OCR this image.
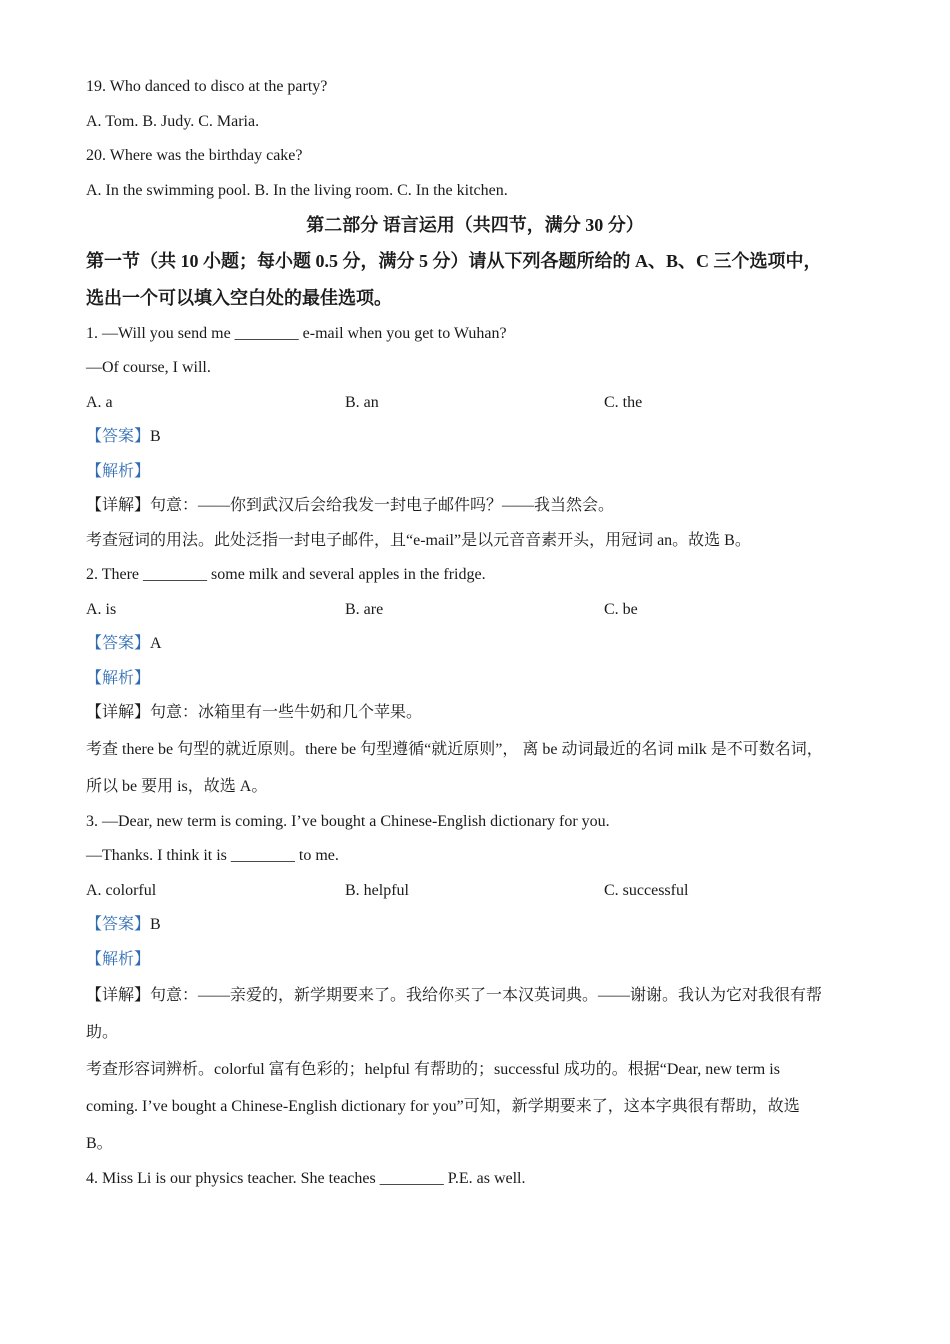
19. Who danced to disco at the party?
A. Tom. B. Judy. C. Maria.
20. Where was the birthday cake?
A. In the swimming pool. B. In the living room. C. In the kitchen.
第二部分 语言运用（共四节，满分 30 分）
第一节（共 10 小题；每小题 0.5 分，满分 5 分）请从下列各题所给的 A、B、C 三个选项中，
选出一个可以填入空白处的最佳选项。
1. —Will you send me ________ e-mail when you get to Wuhan?
—Of course, I will.
A. a	B. an	C. the
【答案】B
【解析】
【详解】句意：——你到武汉后会给我发一封电子邮件吗？——我当然会。
考查冠词的用法。此处泛指一封电子邮件，且“e-mail”是以元音音素开头，用冠词 an。故选 B。
2. There ________ some milk and several apples in the fridge.
A. is	B. are	C. be
【答案】A
【解析】
【详解】句意：冰箱里有一些牛奶和几个苹果。
考查 there be 句型的就近原则。there be 句型遵循“就近原则”， 离 be 动词最近的名词 milk 是不可数名词，
所以 be 要用 is，故选 A。
3. —Dear, new term is coming. I’ve bought a Chinese-English dictionary for you.
—Thanks. I think it is ________ to me.
A. colorful	B. helpful	C. successful
【答案】B
【解析】
【详解】句意：——亲爱的，新学期要来了。我给你买了一本汉英词典。——谢谢。我认为它对我很有帮
助。
考查形容词辨析。colorful 富有色彩的；helpful 有帮助的；successful 成功的。根据“Dear, new term is
coming. I’ve bought a Chinese-English dictionary for you”可知，新学期要来了，这本字典很有帮助，故选
B。
4. Miss Li is our physics teacher. She teaches ________ P.E. as well.
